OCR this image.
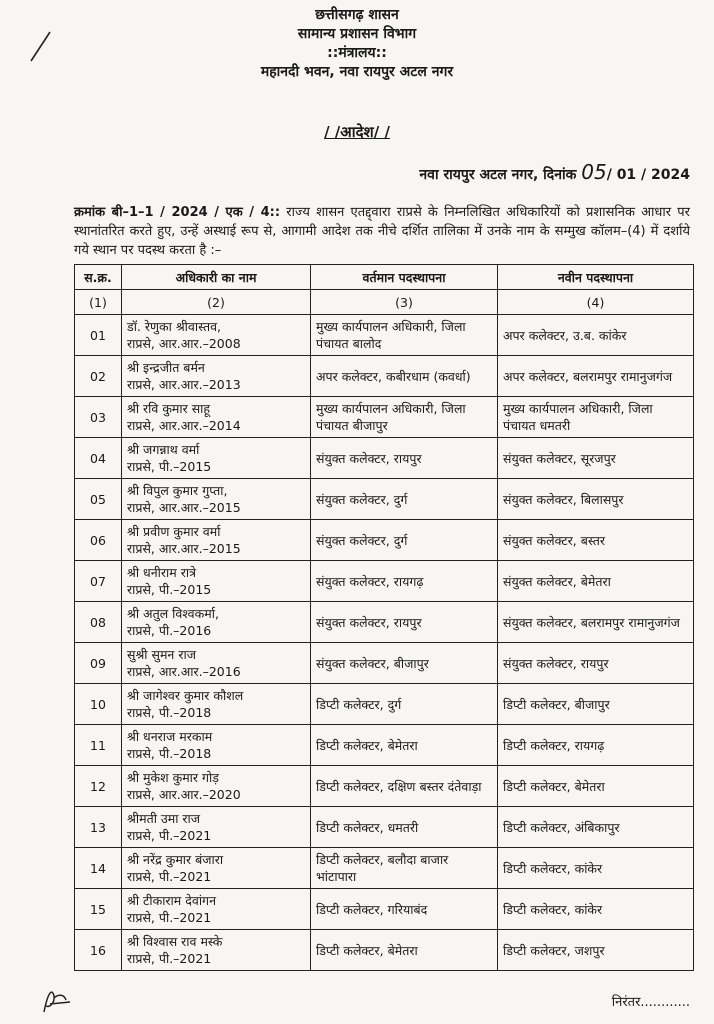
छत्तीसगढ़ शासन

सामान्य प्रशासन विभाग

::मंत्रालय::

महानदी भवन, नवा रायपुर अटल नगर

/ /आदेश/ /
नवा रायपुर अटल नगर, दिनांक 05/ 01 / 2024
क्रमांक बी–1–1 / 2024 / एक / 4:: राज्य शासन एतद्द्वारा राप्रसे के निम्नलिखित अधिकारियों को प्रशासनिक आधार पर स्थानांतरित करते हुए, उन्हें अस्थाई रूप से, आगामी आदेश तक नीचे दर्शित तालिका में उनके नाम के सम्मुख कॉलम–(4) में दर्शाये गये स्थान पर पदस्थ करता है :–
स.क्र.	अधिकारी का नाम	वर्तमान पदस्थापना	नवीन पदस्थापना
(1)	(2)	(3)	(4)

01	डॉ. रेणुका श्रीवास्तव,
राप्रसे, आर.आर.–2008	मुख्य कार्यपालन अधिकारी, जिला पंचायत बालोद	अपर कलेक्टर, उ.ब. कांकेर

02	श्री इन्द्रजीत बर्मन
राप्रसे, आर.आर.–2013	अपर कलेक्टर, कबीरधाम (कवर्धा)	अपर कलेक्टर, बलरामपुर रामानुजगंज

03	श्री रवि कुमार साहू
राप्रसे, आर.आर.–2014	मुख्य कार्यपालन अधिकारी, जिला पंचायत बीजापुर	मुख्य कार्यपालन अधिकारी, जिला पंचायत धमतरी

04	श्री जगन्नाथ वर्मा
राप्रसे, पी.–2015	संयुक्त कलेक्टर, रायपुर	संयुक्त कलेक्टर, सूरजपुर

05	श्री विपुल कुमार गुप्ता,
राप्रसे, आर.आर.–2015	संयुक्त कलेक्टर, दुर्ग	संयुक्त कलेक्टर, बिलासपुर

06	श्री प्रवीण कुमार वर्मा
राप्रसे, आर.आर.–2015	संयुक्त कलेक्टर, दुर्ग	संयुक्त कलेक्टर, बस्तर

07	श्री धनीराम रात्रे
राप्रसे, पी.–2015	संयुक्त कलेक्टर, रायगढ़	संयुक्त कलेक्टर, बेमेतरा

08	श्री अतुल विश्वकर्मा,
राप्रसे, पी.–2016	संयुक्त कलेक्टर, रायपुर	संयुक्त कलेक्टर, बलरामपुर रामानुजगंज

09	सुश्री सुमन राज
राप्रसे, आर.आर.–2016	संयुक्त कलेक्टर, बीजापुर	संयुक्त कलेक्टर, रायपुर

10	श्री जागेश्वर कुमार कौशल
राप्रसे, पी.–2018	डिप्टी कलेक्टर, दुर्ग	डिप्टी कलेक्टर, बीजापुर

11	श्री धनराज मरकाम
राप्रसे, पी.–2018	डिप्टी कलेक्टर, बेमेतरा	डिप्टी कलेक्टर, रायगढ़

12	श्री मुकेश कुमार गोड़
राप्रसे, आर.आर.–2020	डिप्टी कलेक्टर, दक्षिण बस्तर दंतेवाड़ा	डिप्टी कलेक्टर, बेमेतरा

13	श्रीमती उमा राज
राप्रसे, पी.–2021	डिप्टी कलेक्टर, धमतरी	डिप्टी कलेक्टर, अंबिकापुर

14	श्री नरेंद्र कुमार बंजारा
राप्रसे, पी.–2021	डिप्टी कलेक्टर, बलौदा बाजार भांटापारा	डिप्टी कलेक्टर, कांकेर

15	श्री टीकाराम देवांगन
राप्रसे, पी.–2021	डिप्टी कलेक्टर, गरियाबंद	डिप्टी कलेक्टर, कांकेर

16	श्री विश्वास राव मस्के
राप्रसे, पी.–2021	डिप्टी कलेक्टर, बेमेतरा	डिप्टी कलेक्टर, जशपुर
निरंतर............
